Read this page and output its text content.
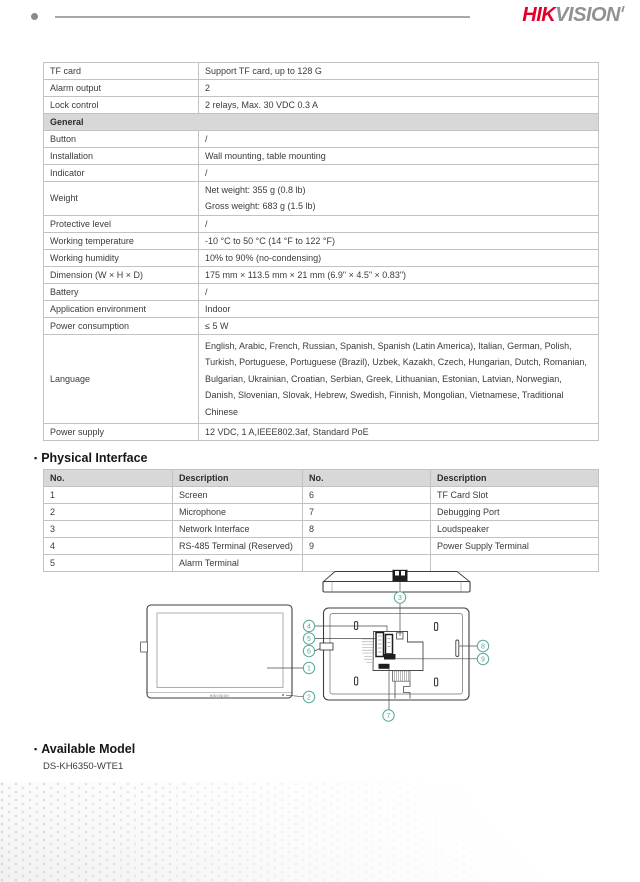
HIKVISION
TF card	Support TF card, up to 128 G
Alarm output	2
Lock control	2 relays, Max. 30 VDC 0.3 A
General	
Button	/
Installation	Wall mounting, table mounting
Indicator	/
Weight	Net weight: 355 g (0.8 lb)
Gross weight: 683 g (1.5 lb)

Protective level	/
Working temperature	-10 °C to 50 °C (14 °F to 122 °F)
Working humidity	10% to 90% (no-condensing)
Dimension (W × H × D)	175 mm × 113.5 mm × 21 mm (6.9" × 4.5" × 0.83")
Battery	/
Application environment	Indoor
Power consumption	≤ 5 W
Language	English, Arabic, French, Russian, Spanish, Spanish (Latin America), Italian, German, Polish, Turkish, Portuguese, Portuguese (Brazil), Uzbek, Kazakh, Czech, Hungarian, Dutch, Romanian, Bulgarian, Ukrainian, Croatian, Serbian, Greek, Lithuanian, Estonian, Latvian, Norwegian, Danish, Slovenian, Slovak, Hebrew, Swedish, Finnish, Mongolian, Vietnamese, Traditional Chinese
Power supply	12 VDC, 1 A,IEEE802.3af, Standard PoE
▪ Physical Interface
No.	Description	No.	Description
1	Screen	6	TF Card Slot
2	Microphone	7	Debugging Port
3	Network Interface	8	Loudspeaker
4	RS-485 Terminal (Reserved)	9	Power Supply Terminal
5	Alarm Terminal		
HIKVISION
1
2
3
4
5
6
7
8
9
▪ Available Model
DS-KH6350-WTE1
